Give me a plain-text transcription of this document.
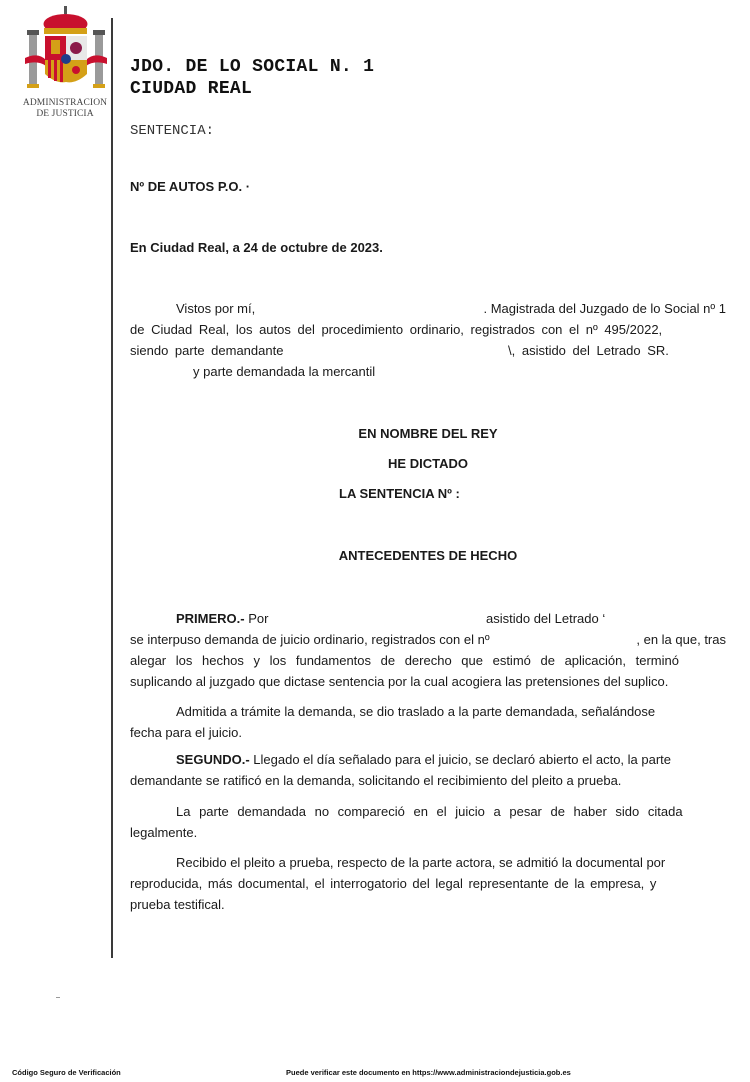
ADMINISTRACION
DE JUSTICIA
JDO. DE LO SOCIAL N. 1
CIUDAD REAL
SENTENCIA:
Nº DE AUTOS P.O. ·
En Ciudad Real, a 24 de octubre de 2023.
Vistos por mí,	. Magistrada del Juzgado de lo Social nº 1
de Ciudad Real, los autos del procedimiento ordinario, registrados con el nº 495/2022,
siendo parte demandante	\, asistido del Letrado SR.
y parte demandada la mercantil
EN NOMBRE DEL REY
HE DICTADO
LA SENTENCIA Nº :
ANTECEDENTES DE HECHO
PRIMERO.- Por	asistido del Letrado ‘
se interpuso demanda de juicio ordinario, registrados con el nº	, en la que, tras
alegar los hechos y los fundamentos de derecho que estimó de aplicación, terminó
suplicando al juzgado que dictase sentencia por la cual acogiera las pretensiones del suplico.
Admitida a trámite la demanda, se dio traslado a la parte demandada, señalándose
fecha para el juicio.
SEGUNDO.- Llegado el día señalado para el juicio, se declaró abierto el acto, la parte
demandante se ratificó en la demanda, solicitando el recibimiento del pleito a prueba.
La parte demandada no compareció en el juicio a pesar de haber sido citada
legalmente.
Recibido el pleito a prueba, respecto de la parte actora, se admitió la documental por
reproducida, más documental, el interrogatorio del legal representante de la empresa, y
prueba testifical.
Código Seguro de Verificación	Puede verificar este documento en https://www.administraciondejusticia.gob.es
